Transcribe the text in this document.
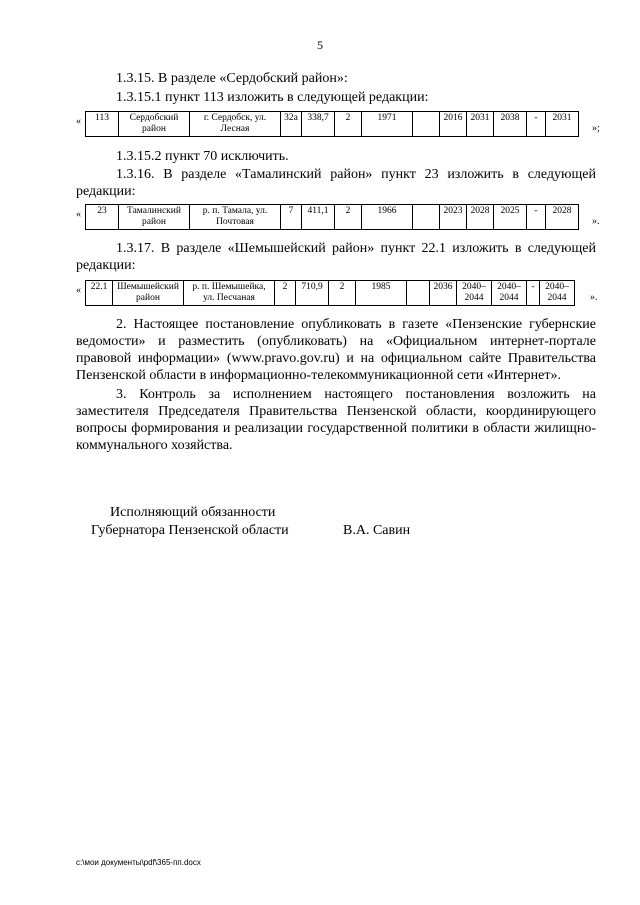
5
1.3.15. В разделе «Сердобский район»:
1.3.15.1 пункт 113 изложить в следующей редакции:
« 113	Сердобский район	г. Сердобск, ул. Лесная	32а	338,7	2	1971		2016	2031	2038	-	2031
»;
1.3.15.2 пункт 70 исключить.
1.3.16. В разделе «Тамалинский район» пункт 23 изложить в следующей редакции:
« 23	Тамалинский район	р. п. Тамала, ул. Почтовая	7	411,1	2	1966		2023	2028	2025	-	2028
».
1.3.17. В разделе «Шемышейский район» пункт 22.1 изложить в следующей редакции:
« 22.1	Шемышейский район	р. п. Шемышейка, ул. Песчаная	2	710,9	2	1985		2036	2040–2044	2040–2044	-	2040–2044 ».
2. Настоящее постановление опубликовать в газете «Пензенские губернские ведомости» и разместить (опубликовать) на «Официальном интернет-портале правовой информации» (www.pravo.gov.ru) и на официальном сайте Правительства Пензенской области в информационно-телекоммуникационной сети «Интернет».
3. Контроль за исполнением настоящего постановления возложить на заместителя Председателя Правительства Пензенской области, координирующего вопросы формирования и реализации государственной политики в области жилищно-коммунального хозяйства.
Исполняющий обязанности
Губернатора Пензенской области	В.А. Савин
c:\мои документы\pdf\365-пп.docx
